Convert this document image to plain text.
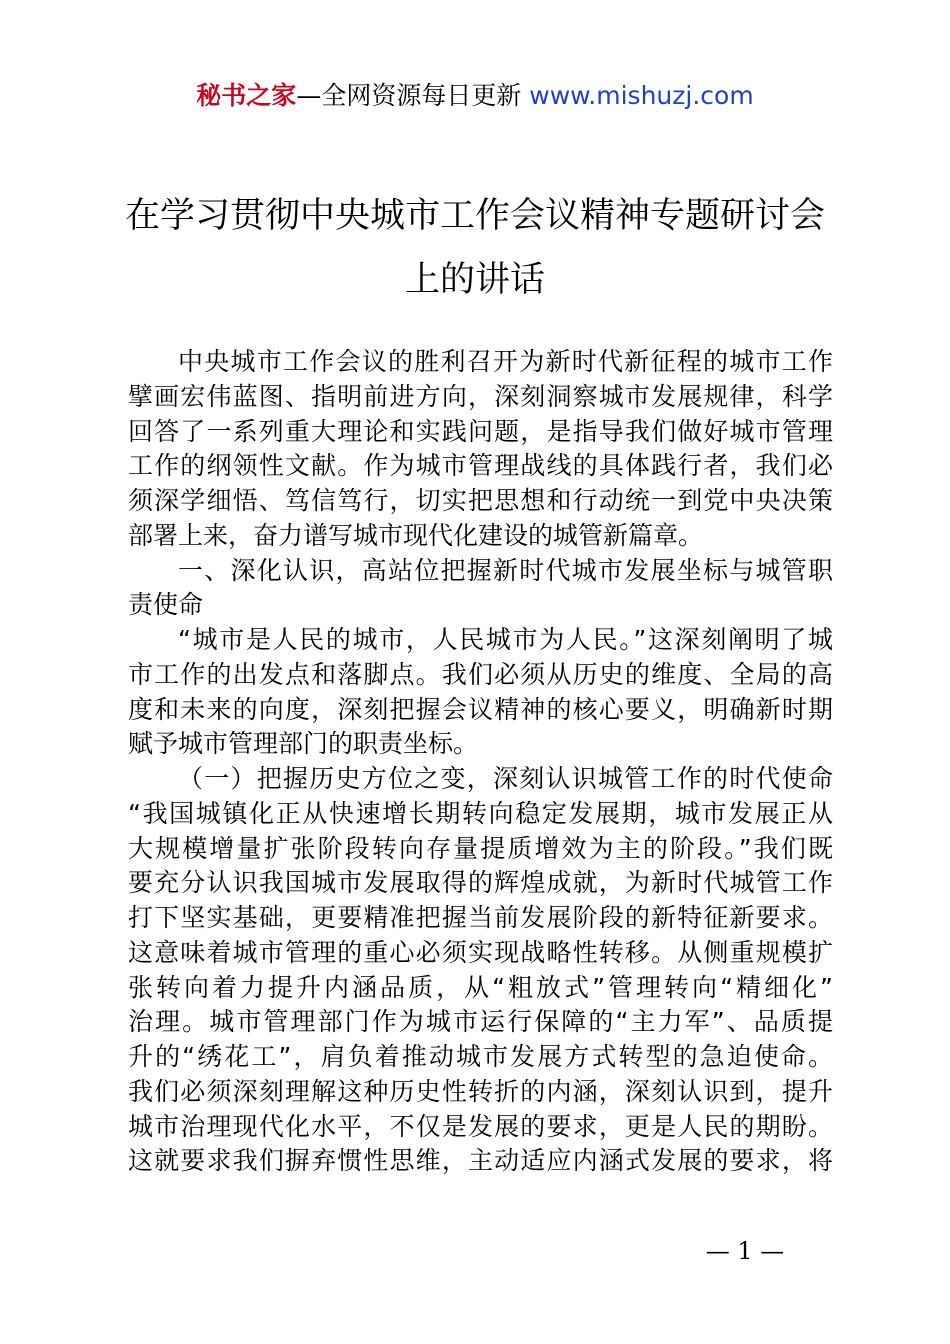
秘书之家—全网资源每日更新 www.mishuzj.com
在学习贯彻中央城市工作会议精神专题研讨会
上的讲话
中央城市工作会议的胜利召开为新时代新征程的城市工作
擘画宏伟蓝图、指明前进方向，深刻洞察城市发展规律，科学
回答了一系列重大理论和实践问题，是指导我们做好城市管理
工作的纲领性文献。作为城市管理战线的具体践行者，我们必
须深学细悟、笃信笃行，切实把思想和行动统一到党中央决策
部署上来，奋力谱写城市现代化建设的城管新篇章。
一、深化认识，高站位把握新时代城市发展坐标与城管职
责使命
“城市是人民的城市，人民城市为人民。”这深刻阐明了城
市工作的出发点和落脚点。我们必须从历史的维度、全局的高
度和未来的向度，深刻把握会议精神的核心要义，明确新时期
赋予城市管理部门的职责坐标。
（一）把握历史方位之变，深刻认识城管工作的时代使命
“我国城镇化正从快速增长期转向稳定发展期，城市发展正从
大规模增量扩张阶段转向存量提质增效为主的阶段。”我们既
要充分认识我国城市发展取得的辉煌成就，为新时代城管工作
打下坚实基础，更要精准把握当前发展阶段的新特征新要求。
这意味着城市管理的重心必须实现战略性转移。从侧重规模扩
张转向着力提升内涵品质，从“粗放式”管理转向“精细化”
治理。城市管理部门作为城市运行保障的“主力军”、品质提
升的“绣花工”，肩负着推动城市发展方式转型的急迫使命。
我们必须深刻理解这种历史性转折的内涵，深刻认识到，提升
城市治理现代化水平，不仅是发展的要求，更是人民的期盼。
这就要求我们摒弃惯性思维，主动适应内涵式发展的要求，将
— 1 —
